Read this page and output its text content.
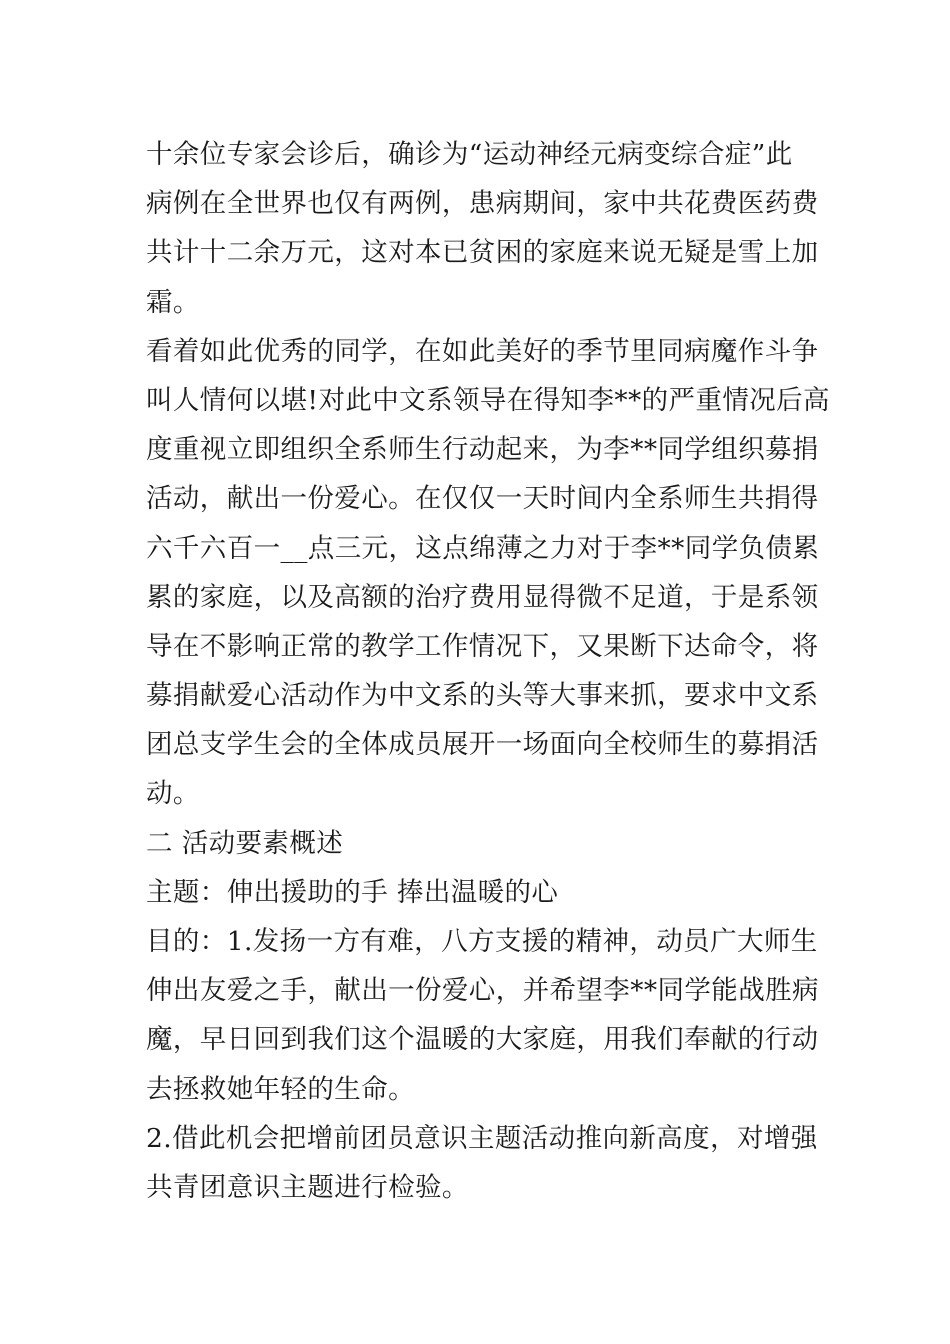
十余位专家会诊后，确诊为“运动神经元病变综合症”此
病例在全世界也仅有两例，患病期间，家中共花费医药费
共计十二余万元，这对本已贫困的家庭来说无疑是雪上加
霜。
看着如此优秀的同学，在如此美好的季节里同病魔作斗争
叫人情何以堪!对此中文系领导在得知李**的严重情况后高
度重视立即组织全系师生行动起来，为李**同学组织募捐
活动，献出一份爱心。在仅仅一天时间内全系师生共捐得
六千六百一__点三元，这点绵薄之力对于李**同学负债累
累的家庭，以及高额的治疗费用显得微不足道，于是系领
导在不影响正常的教学工作情况下，又果断下达命令，将
募捐献爱心活动作为中文系的头等大事来抓，要求中文系
团总支学生会的全体成员展开一场面向全校师生的募捐活
动。
二 活动要素概述
主题：伸出援助的手 捧出温暖的心
目的：1.发扬一方有难，八方支援的精神，动员广大师生
伸出友爱之手，献出一份爱心，并希望李**同学能战胜病
魔，早日回到我们这个温暖的大家庭，用我们奉献的行动
去拯救她年轻的生命。
2.借此机会把增前团员意识主题活动推向新高度，对增强
共青团意识主题进行检验。
